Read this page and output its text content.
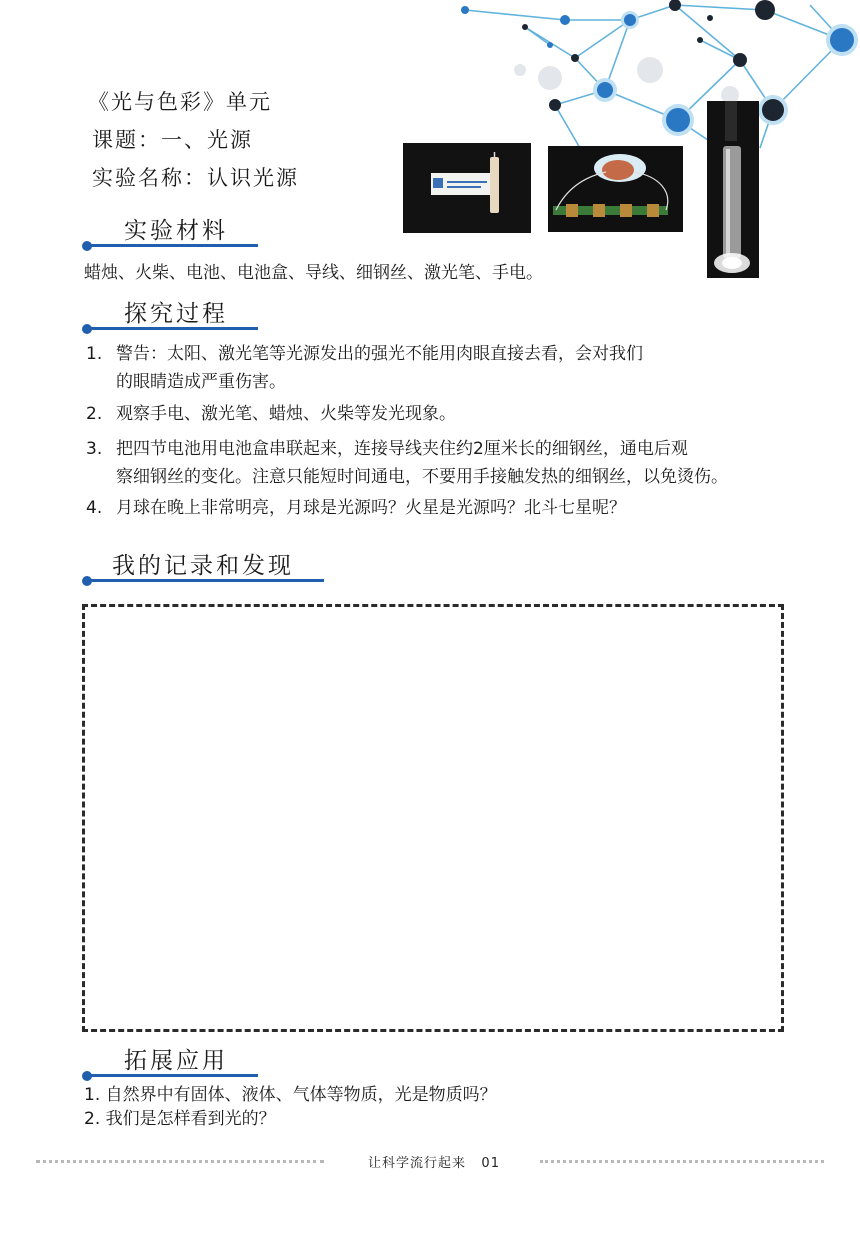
《光与色彩》单元
课题：一、光源
实验名称：认识光源
实验材料
蜡烛、火柴、电池、电池盒、导线、细钢丝、激光笔、手电。
探究过程
1. 警告：太阳、激光笔等光源发出的强光不能用肉眼直接去看，会对我们
的眼睛造成严重伤害。
2. 观察手电、激光笔、蜡烛、火柴等发光现象。
3. 把四节电池用电池盒串联起来，连接导线夹住约2厘米长的细钢丝，通电后观
察细钢丝的变化。注意只能短时间通电，不要用手接触发热的细钢丝，以免烫伤。
4. 月球在晚上非常明亮，月球是光源吗？火星是光源吗？北斗七星呢？
我的记录和发现
拓展应用
1. 自然界中有固体、液体、气体等物质，光是物质吗？
2. 我们是怎样看到光的？
让科学流行起来 01
